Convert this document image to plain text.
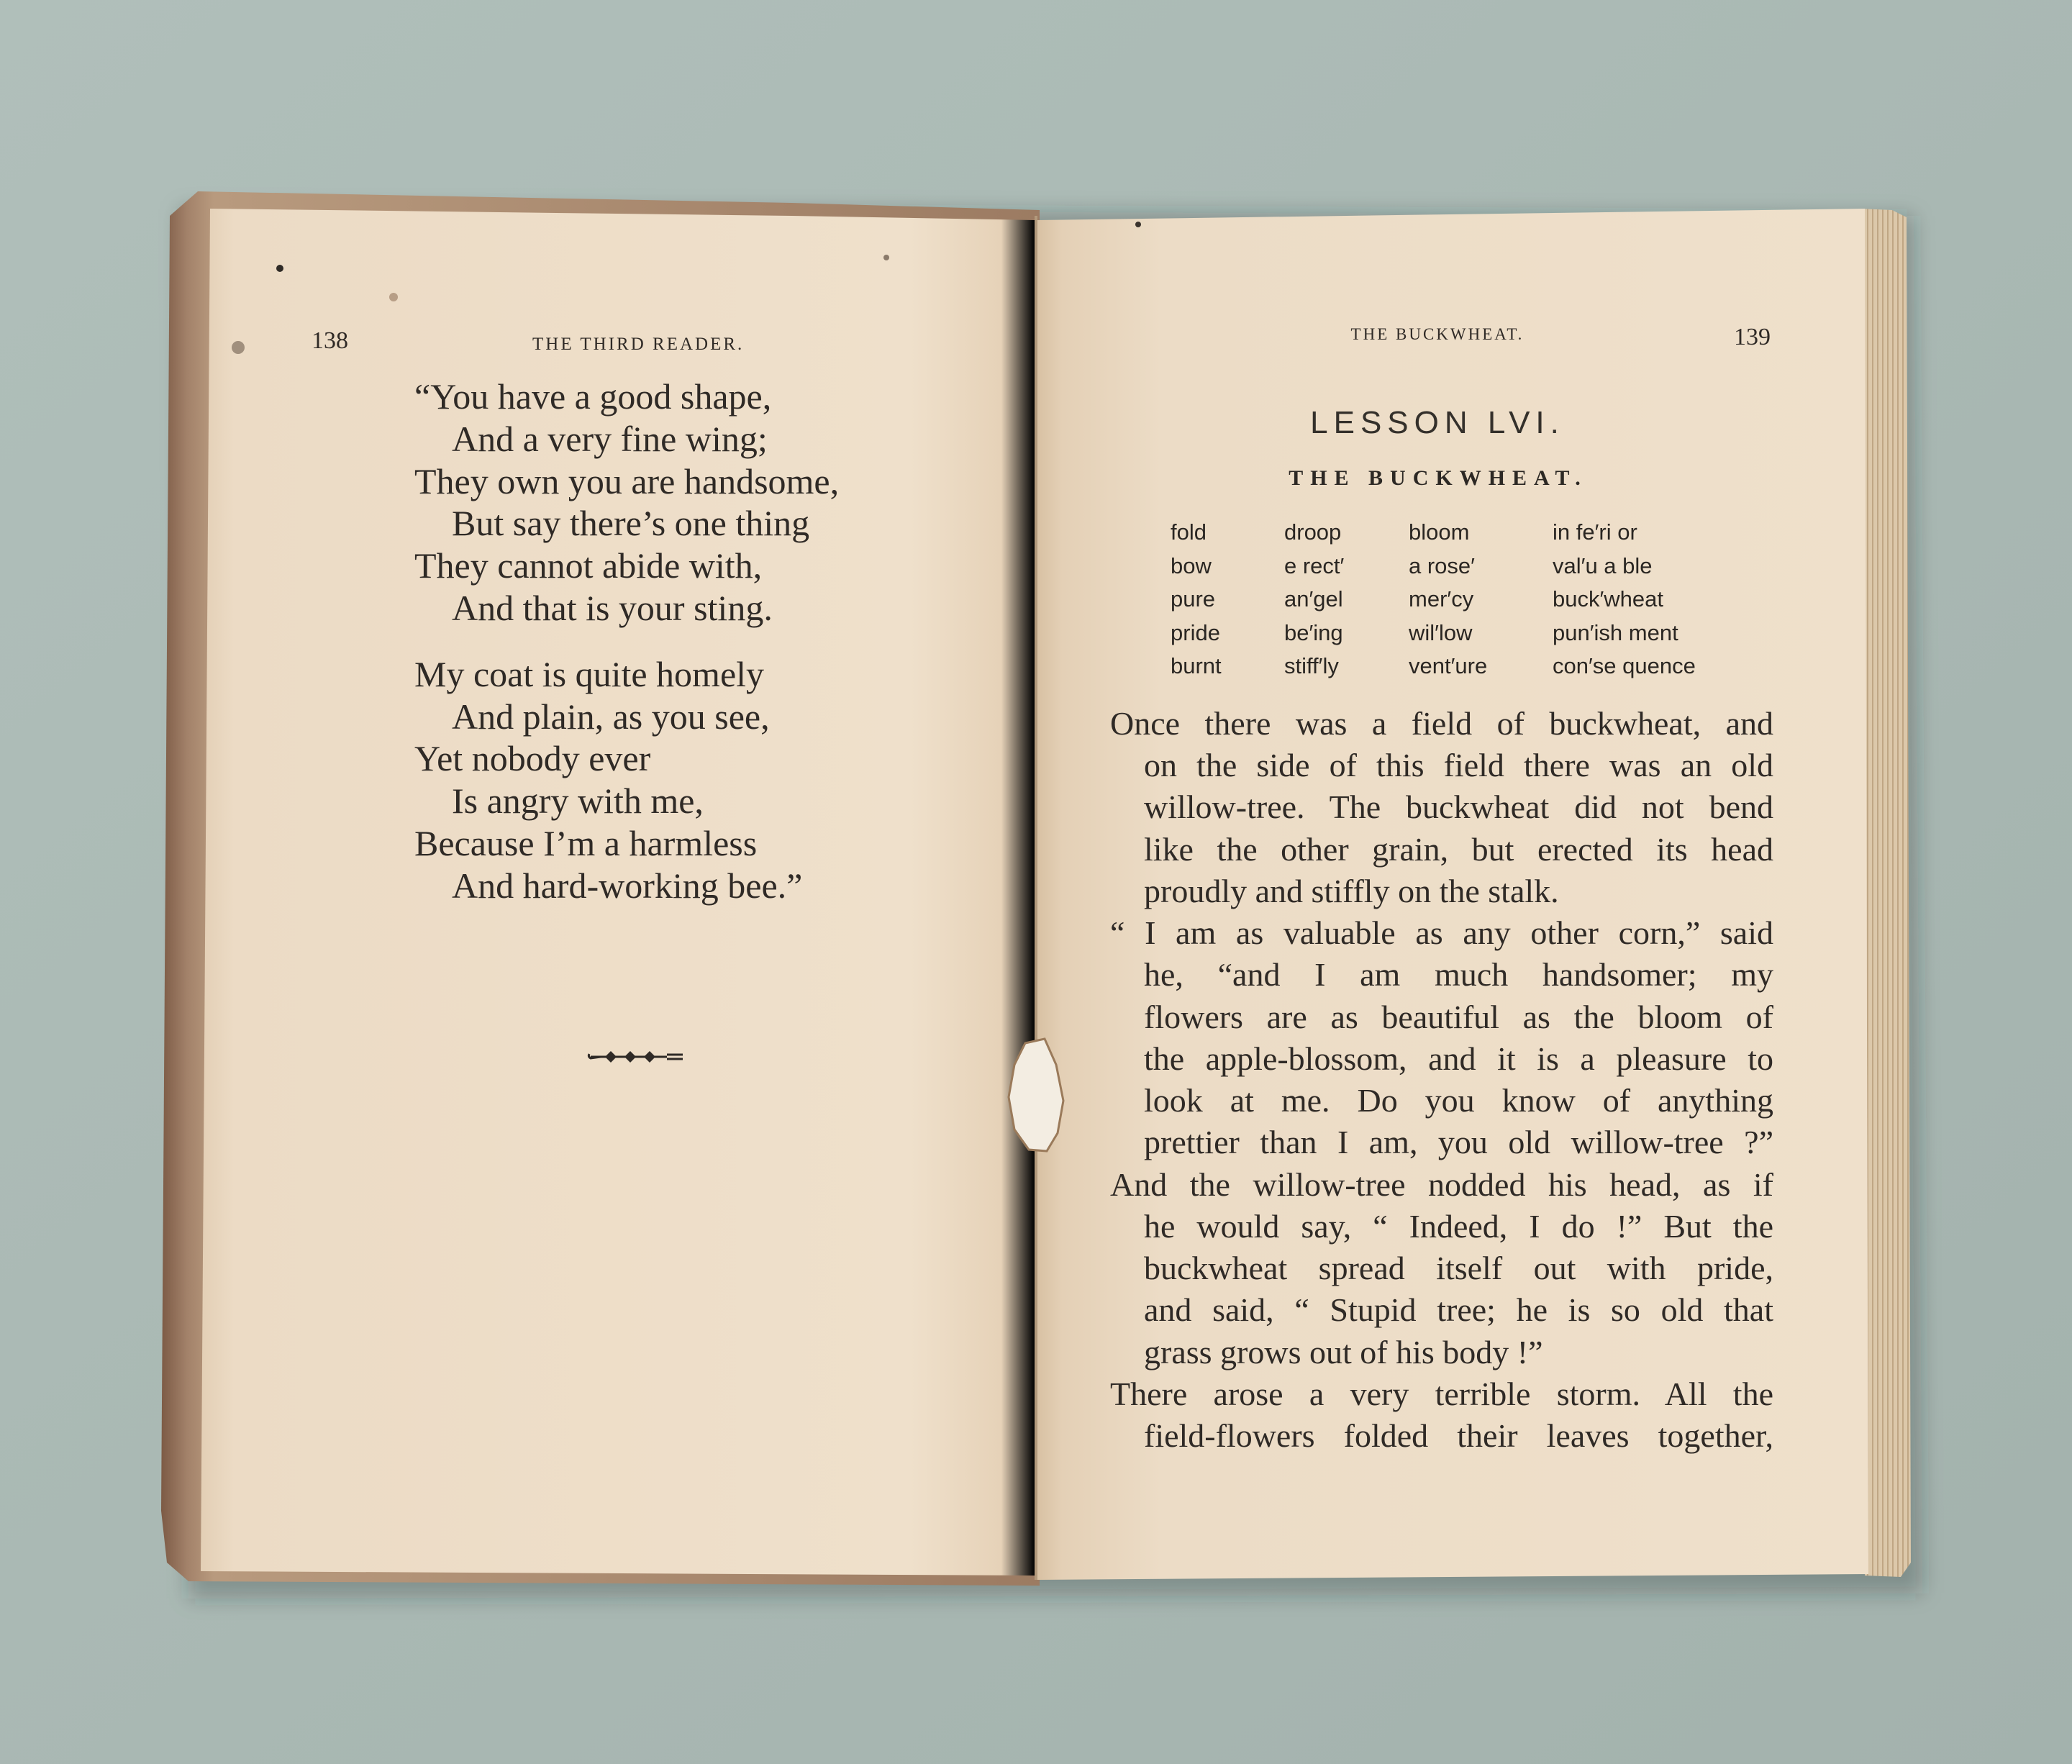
138	THE THIRD READER.
“You have a good shape,
And a very fine wing;
They own you are handsome,
But say there’s one thing
They cannot abide with,
And that is your sting.
My coat is quite homely
And plain, as you see,
Yet nobody ever
Is angry with me,
Because I’m a harmless
And hard-working bee.”
THE BUCKWHEAT.	139
LESSON LVI.
THE BUCKWHEAT.
fold	droop	bloom	in fe′ri or
bow	e rect′	a rose′	val′u a ble
pure	an′gel	mer′cy	buck′wheat
pride	be′ing	wil′low	pun′ish ment
burnt	stiff′ly	vent′ure	con′se quence
Once there was a field of buckwheat, and
on the side of this field there was an old
willow-tree. The buckwheat did not bend
like the other grain, but erected its head
proudly and stiffly on the stalk.
“ I am as valuable as any other corn,” said
he, “and I am much handsomer; my
flowers are as beautiful as the bloom of
the apple-blossom, and it is a pleasure to
look at me. Do you know of anything
prettier than I am, you old willow-tree ?”
And the willow-tree nodded his head, as if
he would say, “ Indeed, I do !” But the
buckwheat spread itself out with pride,
and said, “ Stupid tree; he is so old that
grass grows out of his body !”
There arose a very terrible storm. All the
field-flowers folded their leaves together,
